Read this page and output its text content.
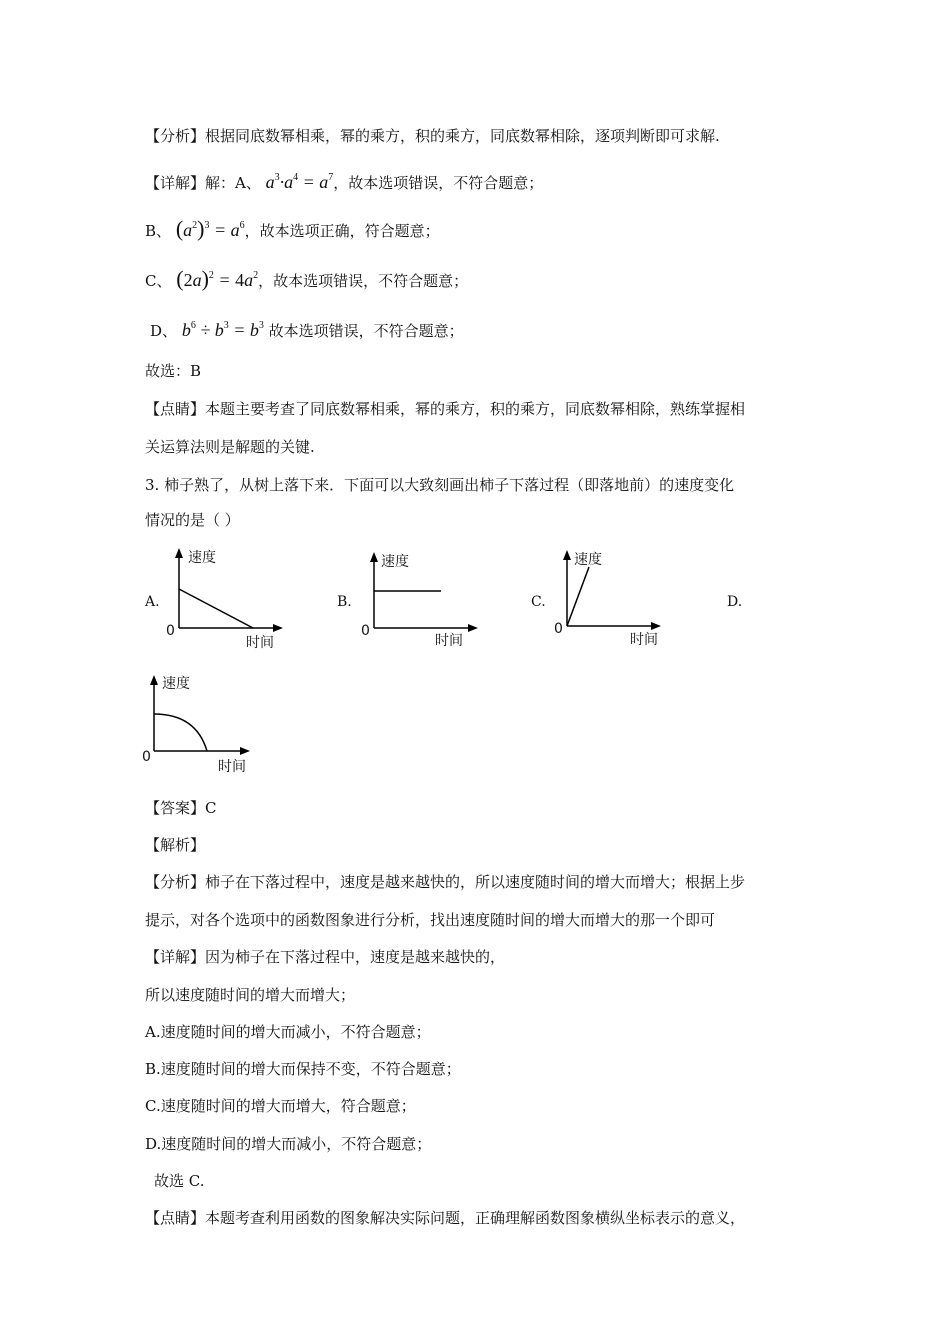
【分析】根据同底数幂相乘，幂的乘方，积的乘方，同底数幂相除，逐项判断即可求解.
【详解】解：A、 $a^3\cdot a^4 = a^7$，故本选项错误，不符合题意；
B、 $(a^2)^3 = a^6$，故本选项正确，符合题意；
C、 $(2a)^2 = 4a^2$，故本选项错误，不符合题意；
D、 $b^6 \div b^3 = b^3$ 故本选项错误，不符合题意；
故选：B
【点睛】本题主要考查了同底数幂相乘，幂的乘方，积的乘方，同底数幂相除，熟练掌握相
关运算法则是解题的关键.
3. 柿子熟了，从树上落下来．下面可以大致刻画出柿子下落过程（即落地前）的速度变化
情况的是（ ）
A.	B.	C.	D.
速度
时间
0
速度
时间
0
速度
时间
0
速度
时间
0
【答案】C
【解析】
【分析】柿子在下落过程中，速度是越来越快的，所以速度随时间的增大而增大；根据上步
提示，对各个选项中的函数图象进行分析，找出速度随时间的增大而增大的那一个即可
【详解】因为柿子在下落过程中，速度是越来越快的，
所以速度随时间的增大而增大；
A.速度随时间的增大而减小，不符合题意；
B.速度随时间的增大而保持不变，不符合题意；
C.速度随时间的增大而增大，符合题意；
D.速度随时间的增大而减小，不符合题意；
故选 C.
【点睛】本题考查利用函数的图象解决实际问题，正确理解函数图象横纵坐标表示的意义，
